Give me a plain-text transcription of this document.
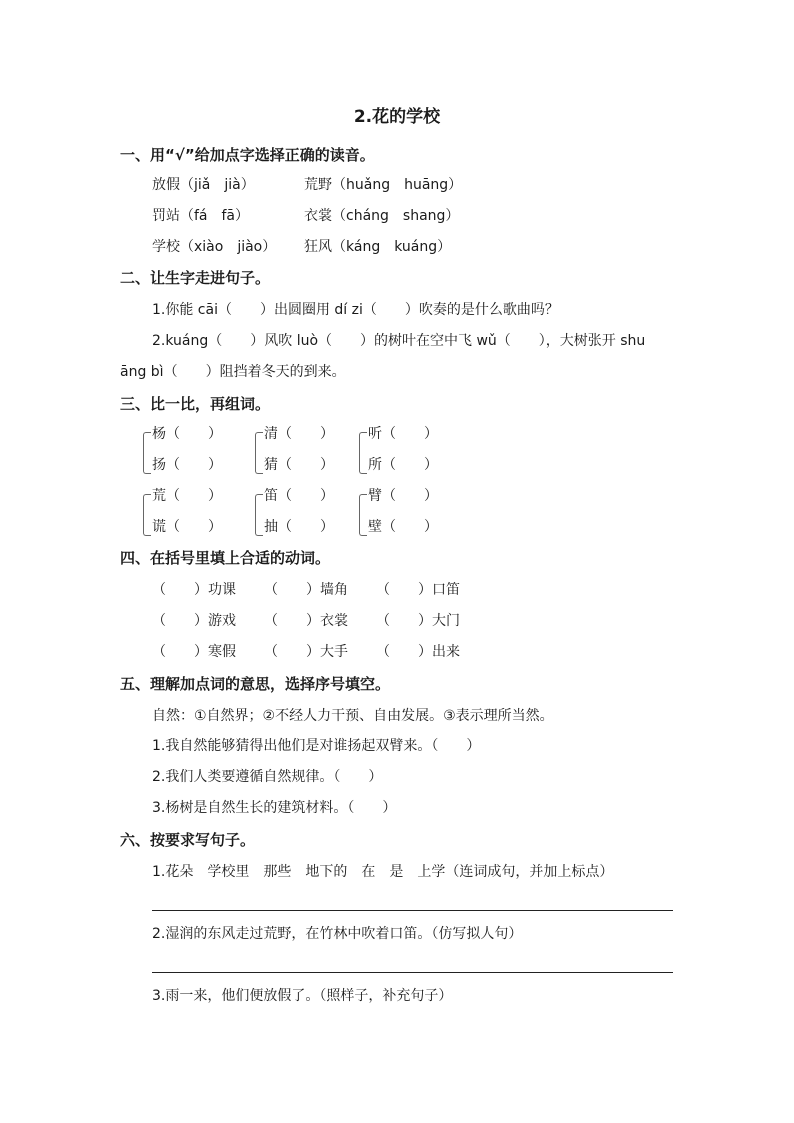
2.花的学校
一、用“√”给加点字选择正确的读音。
放假（jiǎ　jià）	荒野（huǎng　huāng）
罚站（fá　fā）	衣裳（cháng　shang）
学校（xiào　jiào） 狂风（káng　kuáng）
二、让生字走进句子。
1.你能 cāi（　　）出圆圈用 dí zi（　　）吹奏的是什么歌曲吗？
2.kuáng（　　）风吹 luò（　　）的树叶在空中飞 wǔ（　　），大树张开 shu
āng bì（　　）阻挡着冬天的到来。
三、比一比，再组词。
杨（　　）
扬（　　）
清（　　）
猜（　　）
听（　　）
所（　　）
荒（　　）
谎（　　）
笛（　　）
抽（　　）
臂（　　）
壁（　　）
四、在括号里填上合适的动词。
（　　）功课 （　　）墙角 （　　）口笛
（　　）游戏 （　　）衣裳 （　　）大门
（　　）寒假 （　　）大手 （　　）出来
五、理解加点词的意思，选择序号填空。
自然：①自然界；②不经人力干预、自由发展。③表示理所当然。
1.我自然能够猜得出他们是对谁扬起双臂来。（　　）
2.我们人类要遵循自然规律。（　　）
3.杨树是自然生长的建筑材料。（　　）
六、按要求写句子。
1.花朵　学校里　那些　地下的　在　是　上学（连词成句，并加上标点）
2.湿润的东风走过荒野，在竹林中吹着口笛。（仿写拟人句）
3.雨一来，他们便放假了。（照样子，补充句子）
